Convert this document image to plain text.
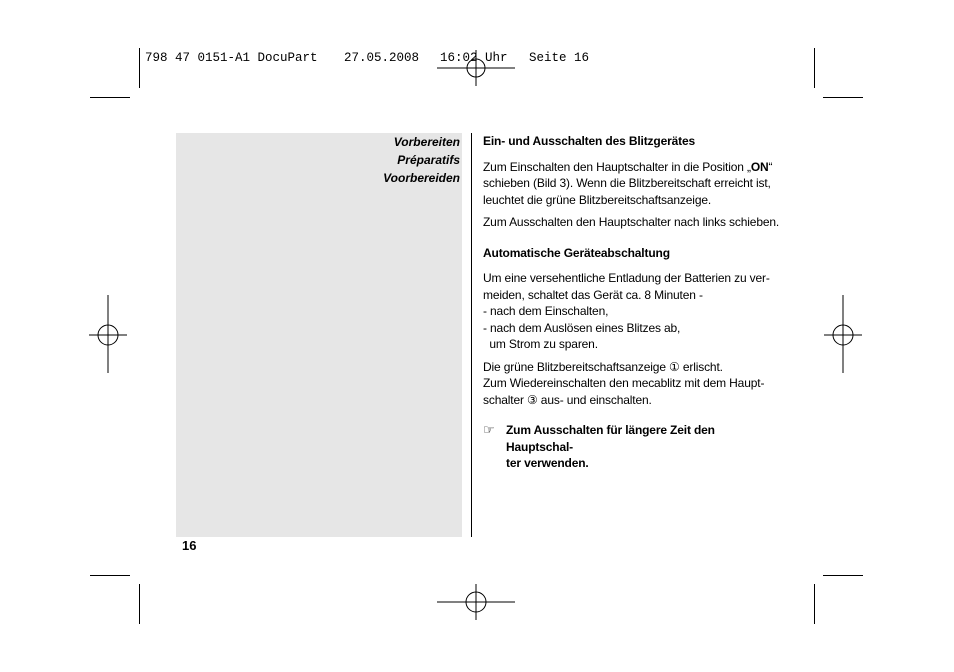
798 47 0151-A1 DocuPart 27.05.2008 16:02 Uhr Seite 16
Vorbereiten
Préparatifs
Voorbereiden
Ein- und Ausschalten des Blitzgerätes

Zum Einschalten den Hauptschalter in die Position „ON“
schieben (Bild 3). Wenn die Blitzbereitschaft erreicht ist,
leuchtet die grüne Blitzbereitschaftsanzeige.

Zum Ausschalten den Hauptschalter nach links schieben.

Automatische Geräteabschaltung

Um eine versehentliche Entladung der Batterien zu ver-
meiden, schaltet das Gerät ca. 8 Minuten -
- nach dem Einschalten,
- nach dem Auslösen eines Blitzes ab,
um Strom zu sparen.

Die grüne Blitzbereitschaftsanzeige ① erlischt.
Zum Wiedereinschalten den mecablitz mit dem Haupt-
schalter ③ aus- und einschalten.

☞ Zum Ausschalten für längere Zeit den Hauptschal-
ter verwenden.
16
